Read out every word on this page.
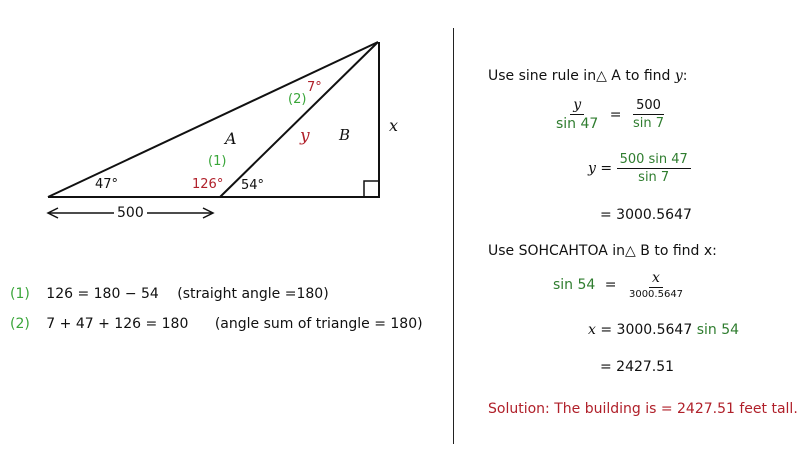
47°	126° 54°
7°
(2)
(1)
A	B
y
x
500
(1) 126 = 180 − 54 (straight angle =180)
(2) 7 + 47 + 126 = 180 (angle sum of triangle = 180)
Use sine rule in△ A to find y:
$\frac{y}{\sin 47} = \frac{500}{\sin 7}$
$y = \frac{500 \sin 47}{\sin 7}$
= 3000.5647
Use SOHCAHTOA in△ B to find x:
$\sin 54 = \frac{x}{3000.5647}$
x = 3000.5647 sin 54
= 2427.51
Solution: The building is = 2427.51 feet tall.
